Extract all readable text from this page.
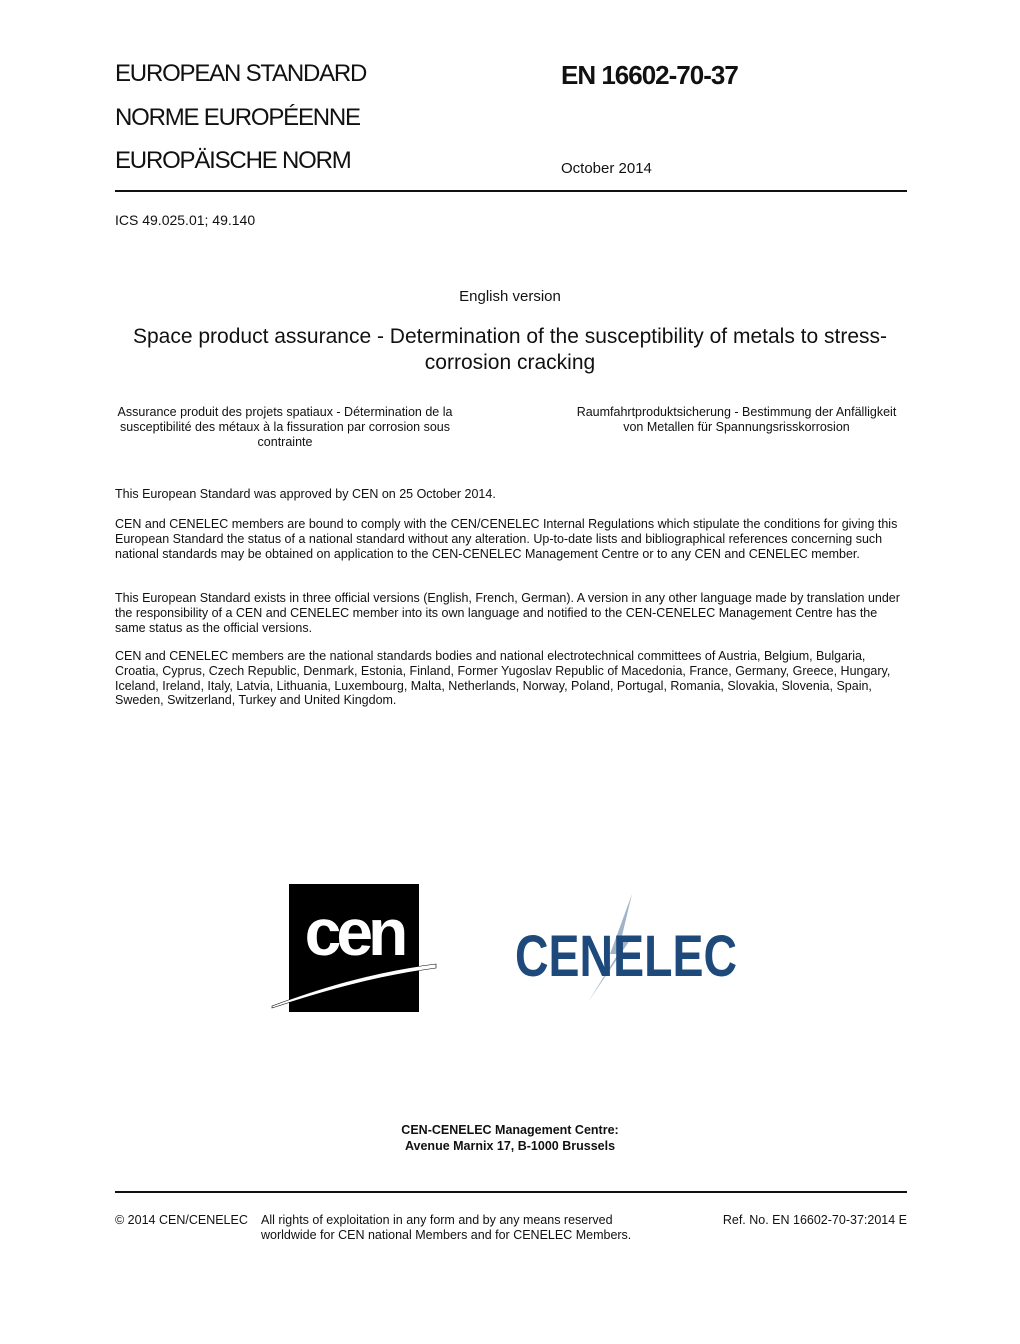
EUROPEAN STANDARD
NORME EUROPÉENNE
EUROPÄISCHE NORM
EN 16602-70-37
October 2014
ICS 49.025.01; 49.140
English version
Space product assurance - Determination of the susceptibility of metals to stress-corrosion cracking
Assurance produit des projets spatiaux - Détermination de la susceptibilité des métaux à la fissuration par corrosion sous contrainte
Raumfahrtproduktsicherung - Bestimmung der Anfälligkeit von Metallen für Spannungsrisskorrosion
This European Standard was approved by CEN on 25 October 2014.
CEN and CENELEC members are bound to comply with the CEN/CENELEC Internal Regulations which stipulate the conditions for giving this European Standard the status of a national standard without any alteration. Up-to-date lists and bibliographical references concerning such national standards may be obtained on application to the CEN-CENELEC Management Centre or to any CEN and CENELEC member.
This European Standard exists in three official versions (English, French, German). A version in any other language made by translation under the responsibility of a CEN and CENELEC member into its own language and notified to the CEN-CENELEC Management Centre has the same status as the official versions.
CEN and CENELEC members are the national standards bodies and national electrotechnical committees of Austria, Belgium, Bulgaria, Croatia, Cyprus, Czech Republic, Denmark, Estonia, Finland, Former Yugoslav Republic of Macedonia, France, Germany, Greece, Hungary, Iceland, Ireland, Italy, Latvia, Lithuania, Luxembourg, Malta, Netherlands, Norway, Poland, Portugal, Romania, Slovakia, Slovenia, Spain, Sweden, Switzerland, Turkey and United Kingdom.
cen CENELEC
CEN-CENELEC Management Centre:
Avenue Marnix 17, B-1000 Brussels
© 2014 CEN/CENELEC All rights of exploitation in any form and by any means reserved worldwide for CEN national Members and for CENELEC Members.
Ref. No. EN 16602-70-37:2014 E
